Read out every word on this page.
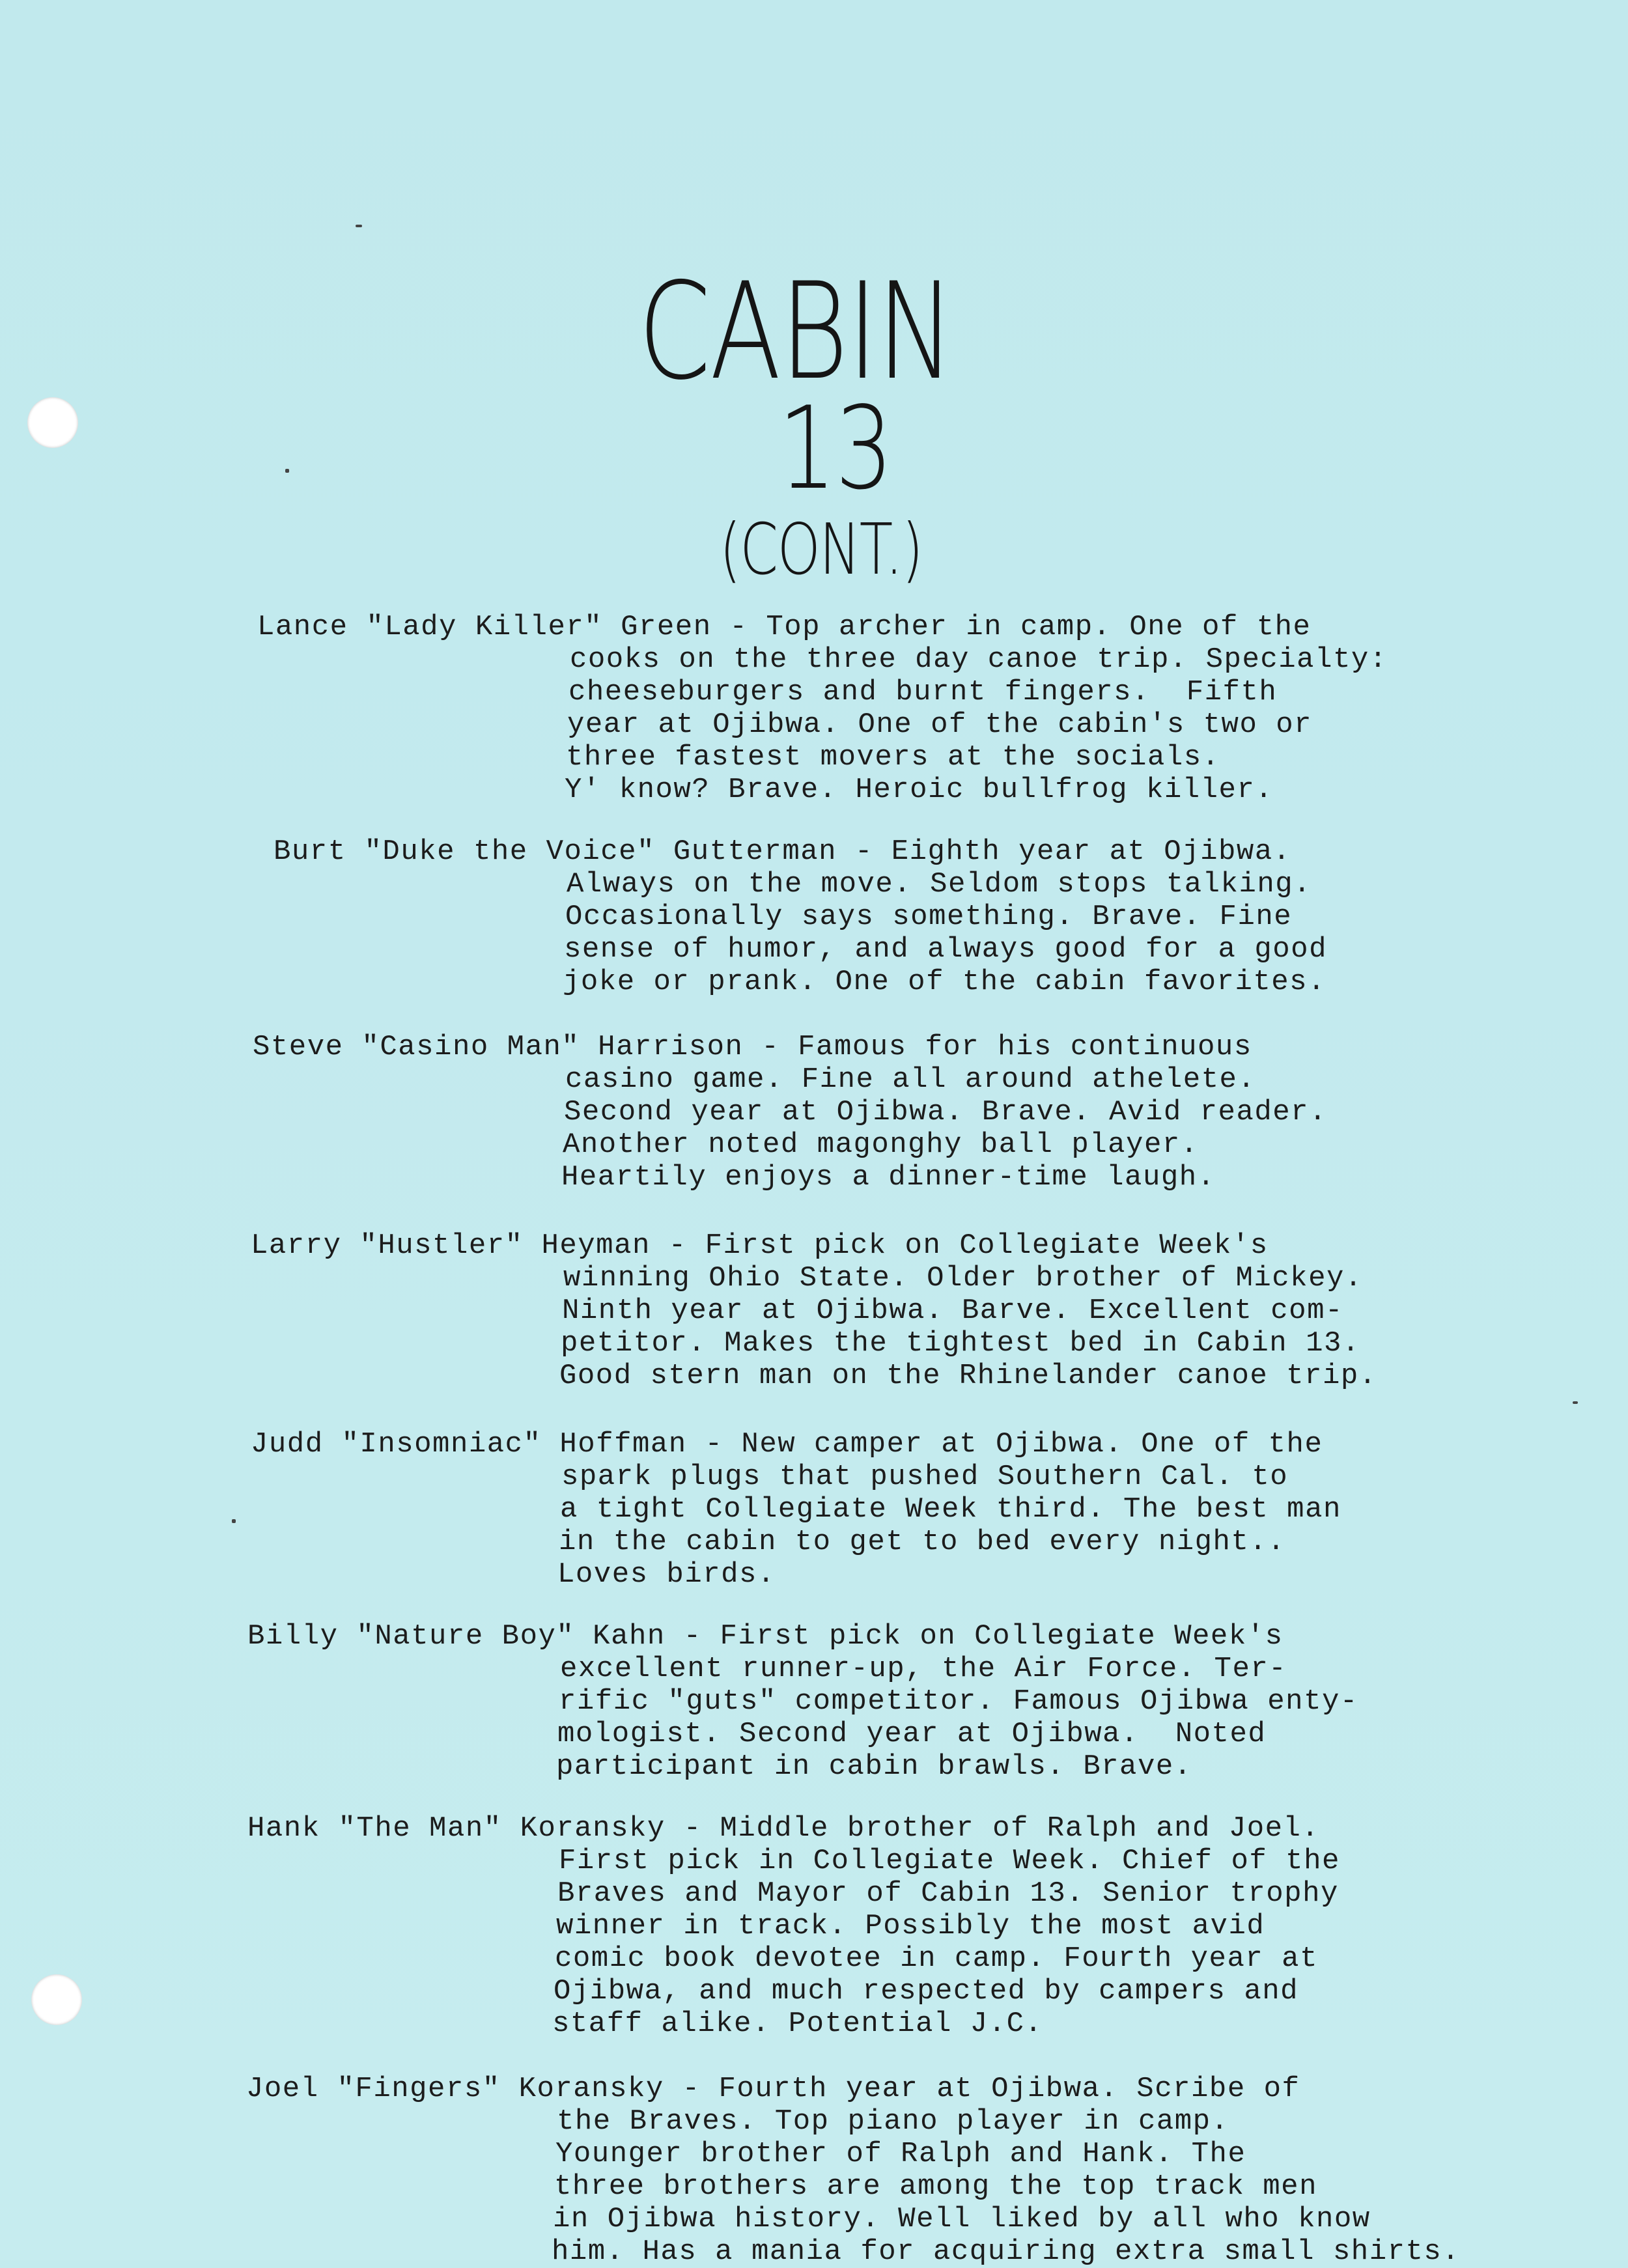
CABIN
13
(CONT.)
Lance "Lady Killer" Green - Top archer in camp. One of the
cooks on the three day canoe trip. Specialty:
cheeseburgers and burnt fingers.  Fifth
year at Ojibwa. One of the cabin's two or
three fastest movers at the socials.
Y' know? Brave. Heroic bullfrog killer.
Burt "Duke the Voice" Gutterman - Eighth year at Ojibwa.
Always on the move. Seldom stops talking.
Occasionally says something. Brave. Fine
sense of humor, and always good for a good
joke or prank. One of the cabin favorites.
Steve "Casino Man" Harrison - Famous for his continuous
casino game. Fine all around athelete.
Second year at Ojibwa. Brave. Avid reader.
Another noted magonghy ball player.
Heartily enjoys a dinner-time laugh.
Larry "Hustler" Heyman - First pick on Collegiate Week's
winning Ohio State. Older brother of Mickey.
Ninth year at Ojibwa. Barve. Excellent com-
petitor. Makes the tightest bed in Cabin 13.
Good stern man on the Rhinelander canoe trip.
Judd "Insomniac" Hoffman - New camper at Ojibwa. One of the
spark plugs that pushed Southern Cal. to
a tight Collegiate Week third. The best man
in the cabin to get to bed every night..
Loves birds.
Billy "Nature Boy" Kahn - First pick on Collegiate Week's
excellent runner-up, the Air Force. Ter-
rific "guts" competitor. Famous Ojibwa enty-
mologist. Second year at Ojibwa.  Noted
participant in cabin brawls. Brave.
Hank "The Man" Koransky - Middle brother of Ralph and Joel.
First pick in Collegiate Week. Chief of the
Braves and Mayor of Cabin 13. Senior trophy
winner in track. Possibly the most avid
comic book devotee in camp. Fourth year at
Ojibwa, and much respected by campers and
staff alike. Potential J.C.
Joel "Fingers" Koransky - Fourth year at Ojibwa. Scribe of
the Braves. Top piano player in camp.
Younger brother of Ralph and Hank. The
three brothers are among the top track men
in Ojibwa history. Well liked by all who know
him. Has a mania for acquiring extra small shirts.
